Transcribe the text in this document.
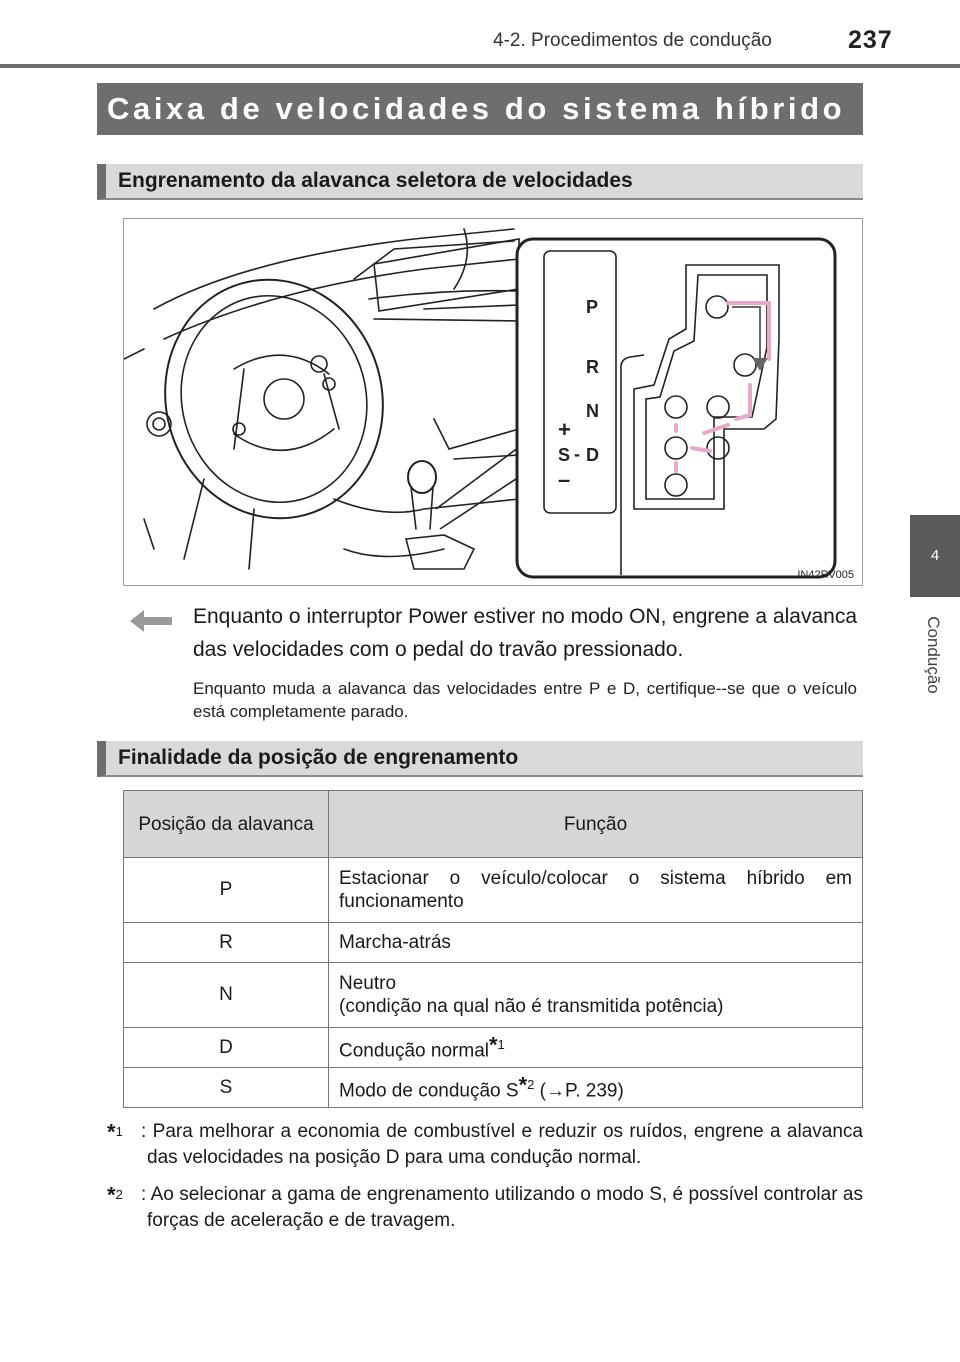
4-2. Procedimentos de condução	237
4
Condução
Caixa de velocidades do sistema híbrido
Engrenamento da alavanca seletora de velocidades
P
R
N
D
S -
+
–
IN42RV005
Enquanto o interruptor Power estiver no modo ON, engrene a alavanca das velocidades com o pedal do travão pressionado.
Enquanto muda a alavanca das velocidades entre P e D, certifique--se que o veículo está completamente parado.
Finalidade da posição de engrenamento
Posição da alavanca	Função
P	Estacionar o veículo/colocar o sistema híbrido em funcionamento
R	Marcha-atrás
N	Neutro
(condição na qual não é transmitida potência)
D	Condução normal*$^1$
S	Modo de condução S*$^2$ (→P. 239)
*$^1$ : Para melhorar a economia de combustível e reduzir os ruídos, engrene a alavanca das velocidades na posição D para uma condução normal.
*$^2$ : Ao selecionar a gama de engrenamento utilizando o modo S, é possível controlar as forças de aceleração e de travagem.
